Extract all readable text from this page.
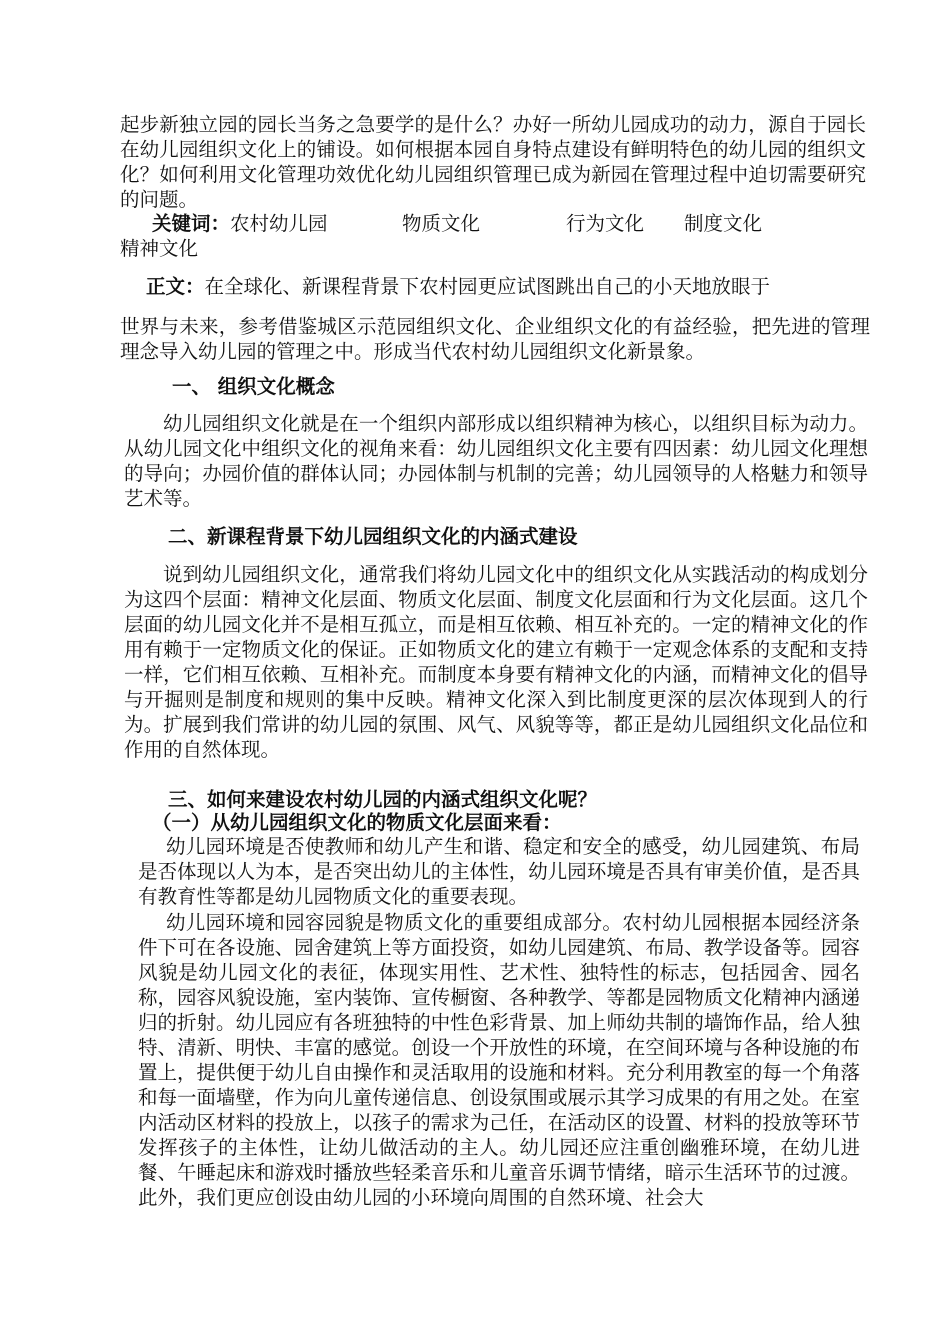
起步新独立园的园长当务之急要学的是什么？办好一所幼儿园成功的动力，源自于园长在幼儿园组织文化上的铺设。如何根据本园自身特点建设有鲜明特色的幼儿园的组织文化？如何利用文化管理功效优化幼儿园组织管理已成为新园在管理过程中迫切需要研究的问题。

关键词：农村幼儿园	物质文化	行为文化 制度文化
精神文化
正文：在全球化、新课程背景下农村园更应试图跳出自己的小天地放眼于

世界与未来，参考借鉴城区示范园组织文化、企业组织文化的有益经验，把先进的管理理念导入幼儿园的管理之中。形成当代农村幼儿园组织文化新景象。

一、 组织文化概念

幼儿园组织文化就是在一个组织内部形成以组织精神为核心，以组织目标为动力。从幼儿园文化中组织文化的视角来看：幼儿园组织文化主要有四因素：幼儿园文化理想的导向；办园价值的群体认同；办园体制与机制的完善；幼儿园领导的人格魅力和领导艺术等。

二、新课程背景下幼儿园组织文化的内涵式建设

说到幼儿园组织文化，通常我们将幼儿园文化中的组织文化从实践活动的构成划分为这四个层面：精神文化层面、物质文化层面、制度文化层面和行为文化层面。这几个层面的幼儿园文化并不是相互孤立，而是相互依赖、相互补充的。一定的精神文化的作用有赖于一定物质文化的保证。正如物质文化的建立有赖于一定观念体系的支配和支持一样，它们相互依赖、互相补充。而制度本身要有精神文化的内涵，而精神文化的倡导与开掘则是制度和规则的集中反映。精神文化深入到比制度更深的层次体现到人的行为。扩展到我们常讲的幼儿园的氛围、风气、风貌等等，都正是幼儿园组织文化品位和作用的自然体现。

三、如何来建设农村幼儿园的内涵式组织文化呢？
（一）从幼儿园组织文化的物质文化层面来看：

幼儿园环境是否使教师和幼儿产生和谐、稳定和安全的感受，幼儿园建筑、布局是否体现以人为本，是否突出幼儿的主体性，幼儿园环境是否具有审美价值，是否具有教育性等都是幼儿园物质文化的重要表现。

幼儿园环境和园容园貌是物质文化的重要组成部分。农村幼儿园根据本园经济条件下可在各设施、园舍建筑上等方面投资，如幼儿园建筑、布局、教学设备等。园容风貌是幼儿园文化的表征，体现实用性、艺术性、独特性的标志，包括园舍、园名称，园容风貌设施，室内装饰、宣传橱窗、各种教学、等都是园物质文化精神内涵递归的折射。幼儿园应有各班独特的中性色彩背景、加上师幼共制的墙饰作品，给人独特、清新、明快、丰富的感觉。创设一个开放性的环境，在空间环境与各种设施的布置上，提供便于幼儿自由操作和灵活取用的设施和材料。充分利用教室的每一个角落和每一面墙壁，作为向儿童传递信息、创设氛围或展示其学习成果的有用之处。在室内活动区材料的投放上，以孩子的需求为己任，在活动区的设置、材料的投放等环节发挥孩子的主体性，让幼儿做活动的主人。幼儿园还应注重创幽雅环境，在幼儿进餐、午睡起床和游戏时播放些轻柔音乐和儿童音乐调节情绪，暗示生活环节的过渡。此外，我们更应创设由幼儿园的小环境向周围的自然环境、社会大
